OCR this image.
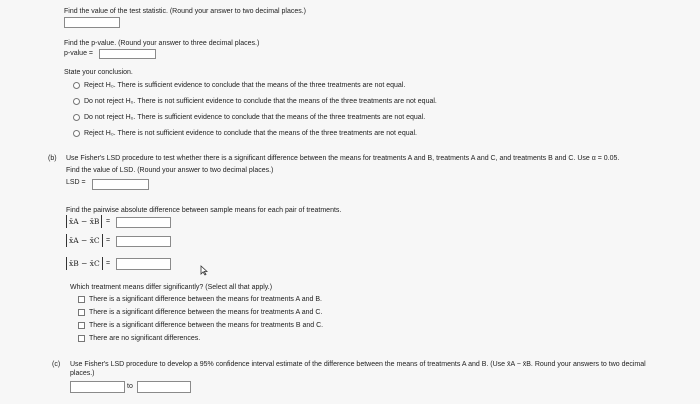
Find the value of the test statistic. (Round your answer to two decimal places.)
Find the p-value. (Round your answer to three decimal places.)
p-value =
State your conclusion.
Reject H₀. There is sufficient evidence to conclude that the means of the three treatments are not equal.
Do not reject H₀. There is not sufficient evidence to conclude that the means of the three treatments are not equal.
Do not reject H₀. There is sufficient evidence to conclude that the means of the three treatments are not equal.
Reject H₀. There is not sufficient evidence to conclude that the means of the three treatments are not equal.
(b) Use Fisher's LSD procedure to test whether there is a significant difference between the means for treatments A and B, treatments A and C, and treatments B and C. Use α = 0.05.
Find the value of LSD. (Round your answer to two decimal places.)
LSD =
Find the pairwise absolute difference between sample means for each pair of treatments.
x̄A − x̄B =
x̄A − x̄C =
x̄B − x̄C =
Which treatment means differ significantly? (Select all that apply.)
There is a significant difference between the means for treatments A and B.
There is a significant difference between the means for treatments A and C.
There is a significant difference between the means for treatments B and C.
There are no significant differences.
(c) Use Fisher's LSD procedure to develop a 95% confidence interval estimate of the difference between the means of treatments A and B. (Use x̄A − x̄B. Round your answers to two decimal
places.)
to
